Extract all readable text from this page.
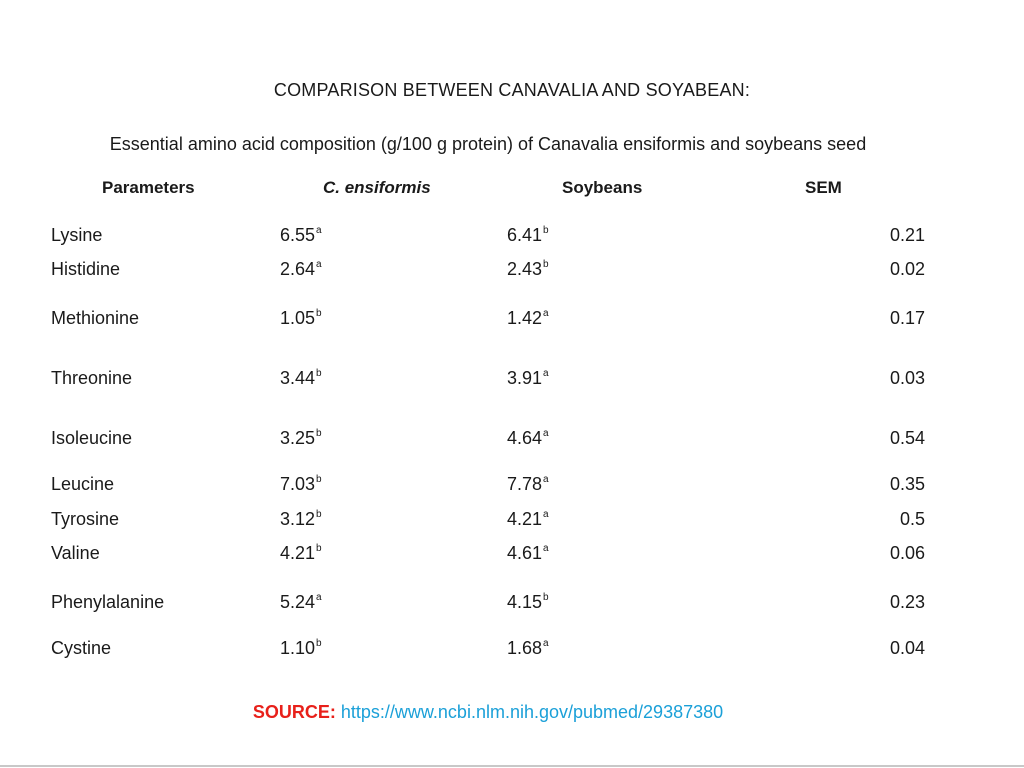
COMPARISON BETWEEN CANAVALIA AND SOYABEAN:
Essential amino acid composition (g/100 g protein) of Canavalia ensiformis and soybeans seed
Parameters	C. ensiformis	Soybeans	SEM
Lysine	6.55$^a$	6.41$^b$	0.21
Histidine	2.64$^a$	2.43$^b$	0.02
Methionine	1.05$^b$	1.42$^a$	0.17
Threonine	3.44$^b$	3.91$^a$	0.03
Isoleucine	3.25$^b$	4.64$^a$	0.54
Leucine	7.03$^b$	7.78$^a$	0.35
Tyrosine	3.12$^b$	4.21$^a$	0.5
Valine	4.21$^b$	4.61$^a$	0.06
Phenylalanine	5.24$^a$	4.15$^b$	0.23
Cystine	1.10$^b$	1.68$^a$	0.04
SOURCE: https://www.ncbi.nlm.nih.gov/pubmed/29387380
